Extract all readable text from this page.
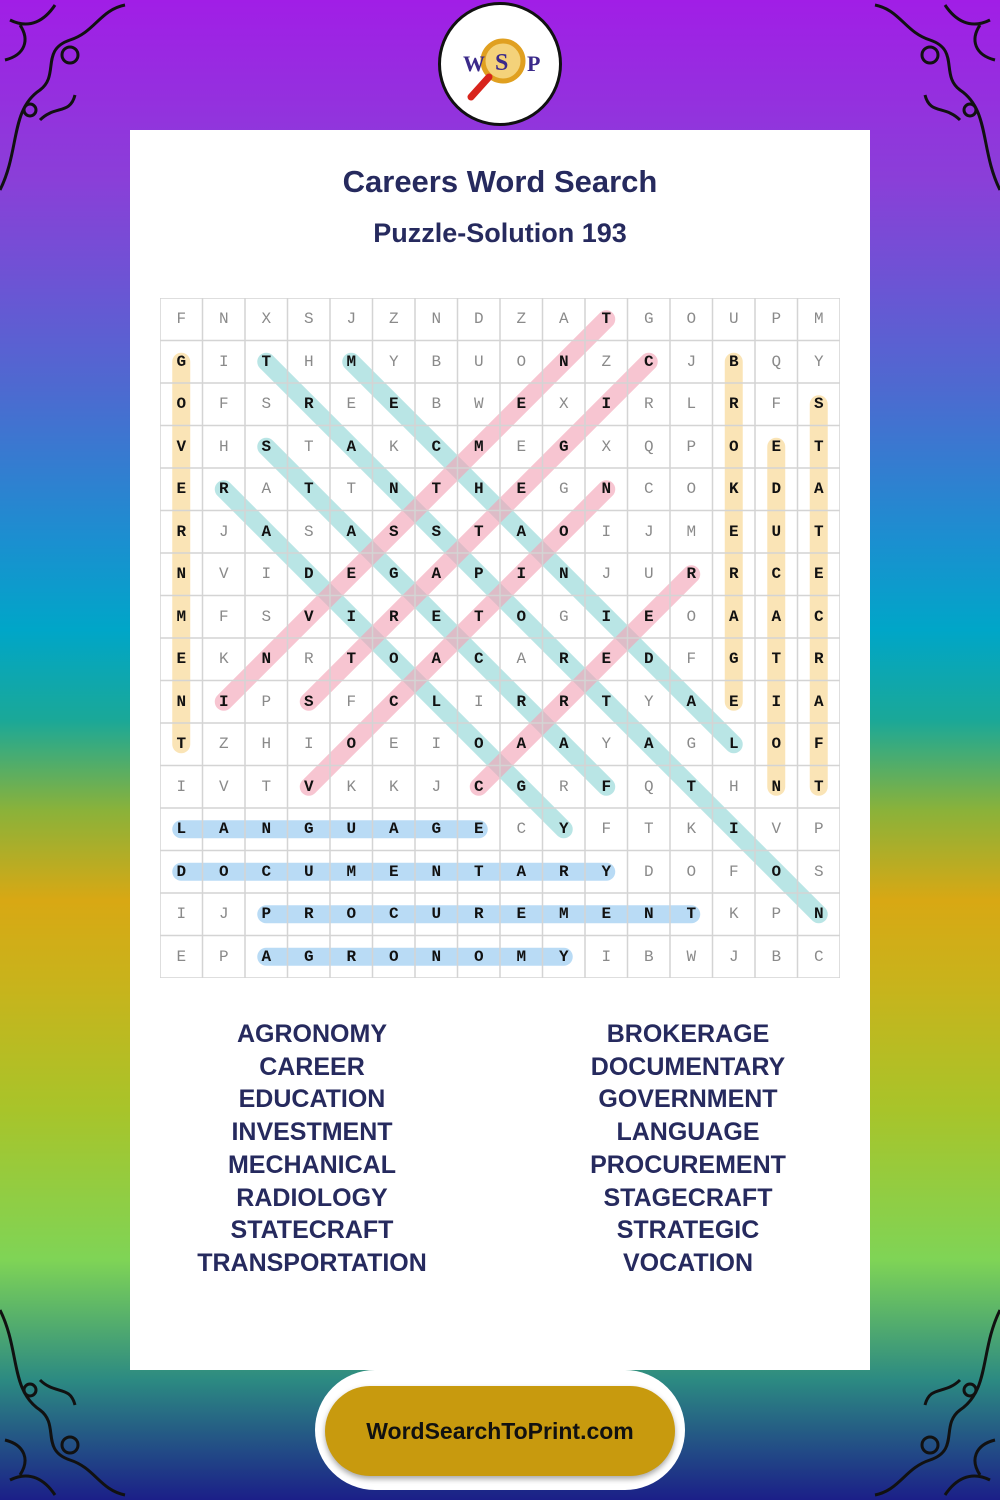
W S P
Careers Word Search
Puzzle-Solution 193
F	N	X	S	J	Z	N	D	Z	A	T	G	O	U	P	M
G	I	T	H	M	Y	B	U	O	N	Z	C	J	B	Q	Y
O	F	S	R	E	E	B	W	E	X	I	R	L	R	F	S
V	H	S	T	A	K	C	M	E	G	X	Q	P	O	E	T
E	R	A	T	T	N	T	H	E	G	N	C	O	K	D	A
R	J	A	S	A	S	S	T	A	O	I	J	M	E	U	T
N	V	I	D	E	G	A	P	I	N	J	U	R	R	C	E
M	F	S	V	I	R	E	T	O	G	I	E	O	A	A	C
E	K	N	R	T	O	A	C	A	R	E	D	F	G	T	R
N	I	P	S	F	C	L	I	R	R	T	Y	A	E	I	A
T	Z	H	I	O	E	I	O	A	A	Y	A	G	L	O	F
I	V	T	V	K	K	J	C	G	R	F	Q	T	H	N	T
L	A	N	G	U	A	G	E	C	Y	F	T	K	I	V	P
D	O	C	U	M	E	N	T	A	R	Y	D	O	F	O	S
I	J	P	R	O	C	U	R	E	M	E	N	T	K	P	N
E	P	A	G	R	O	N	O	M	Y	I	B	W	J	B	C
AGRONOMY
CAREER
EDUCATION
INVESTMENT
MECHANICAL
RADIOLOGY
STATECRAFT
TRANSPORTATION
BROKERAGE
DOCUMENTARY
GOVERNMENT
LANGUAGE
PROCUREMENT
STAGECRAFT
STRATEGIC
VOCATION
WordSearchToPrint.com
